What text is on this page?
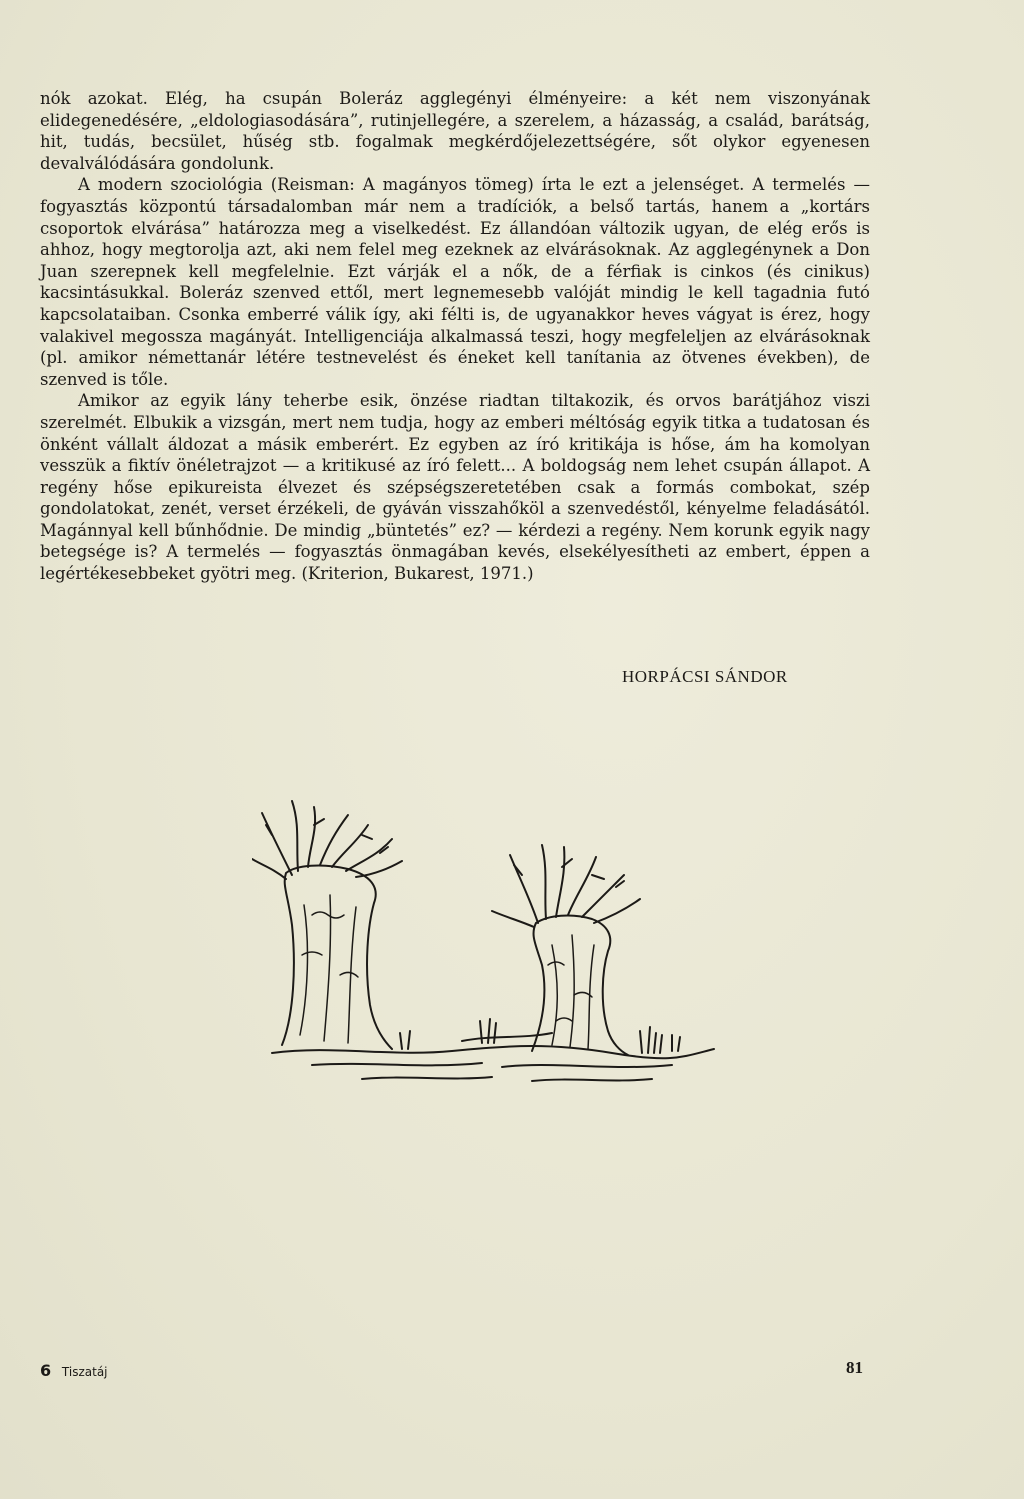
nók azokat. Elég, ha csupán Boleráz agglegényi élményeire: a két nem viszonyának elidegenedésére, „eldologiasodására”, rutinjellegére, a szerelem, a házasság, a család, barátság, hit, tudás, becsület, hűség stb. fogalmak megkérdőjelezettségére, sőt olykor egyenesen devalválódására gondolunk.

A modern szociológia (Reisman: A magányos tömeg) írta le ezt a jelenséget. A termelés — fogyasztás központú társadalomban már nem a tradíciók, a belső tartás, hanem a „kortárs csoportok elvárása” határozza meg a viselkedést. Ez állandóan változik ugyan, de elég erős is ahhoz, hogy megtorolja azt, aki nem felel meg ezeknek az elvárásoknak. Az agglegénynek a Don Juan szerepnek kell megfelelnie. Ezt várják el a nők, de a férfiak is cinkos (és cinikus) kacsintásukkal. Boleráz szenved ettől, mert legnemesebb valóját mindig le kell tagadnia futó kapcsolataiban. Csonka emberré válik így, aki félti is, de ugyanakkor heves vágyat is érez, hogy valakivel megossza magányát. Intelligenciája alkalmassá teszi, hogy megfeleljen az elvárásoknak (pl. amikor némettanár létére testnevelést és éneket kell tanítania az ötvenes években), de szenved is tőle.

Amikor az egyik lány teherbe esik, önzése riadtan tiltakozik, és orvos barátjához viszi szerelmét. Elbukik a vizsgán, mert nem tudja, hogy az emberi méltóság egyik titka a tudatosan és önként vállalt áldozat a másik emberért. Ez egyben az író kritikája is hőse, ám ha komolyan vesszük a fiktív önéletrajzot — a kritikusé az író felett... A boldogság nem lehet csupán állapot. A regény hőse epikureista élvezet és szépségszeretetében csak a formás combokat, szép gondolatokat, zenét, verset érzékeli, de gyáván visszahőköl a szenvedéstől, kényelme feladásától. Magánnyal kell bűnhődnie. De mindig „büntetés” ez? — kérdezi a regény. Nem korunk egyik nagy betegsége is? A termelés — fogyasztás önmagában kevés, elsekélyesítheti az embert, éppen a legértékesebbeket gyötri meg. (Kriterion, Bukarest, 1971.)

HORPÁCSI SÁNDOR
6 Tiszatáj	81
